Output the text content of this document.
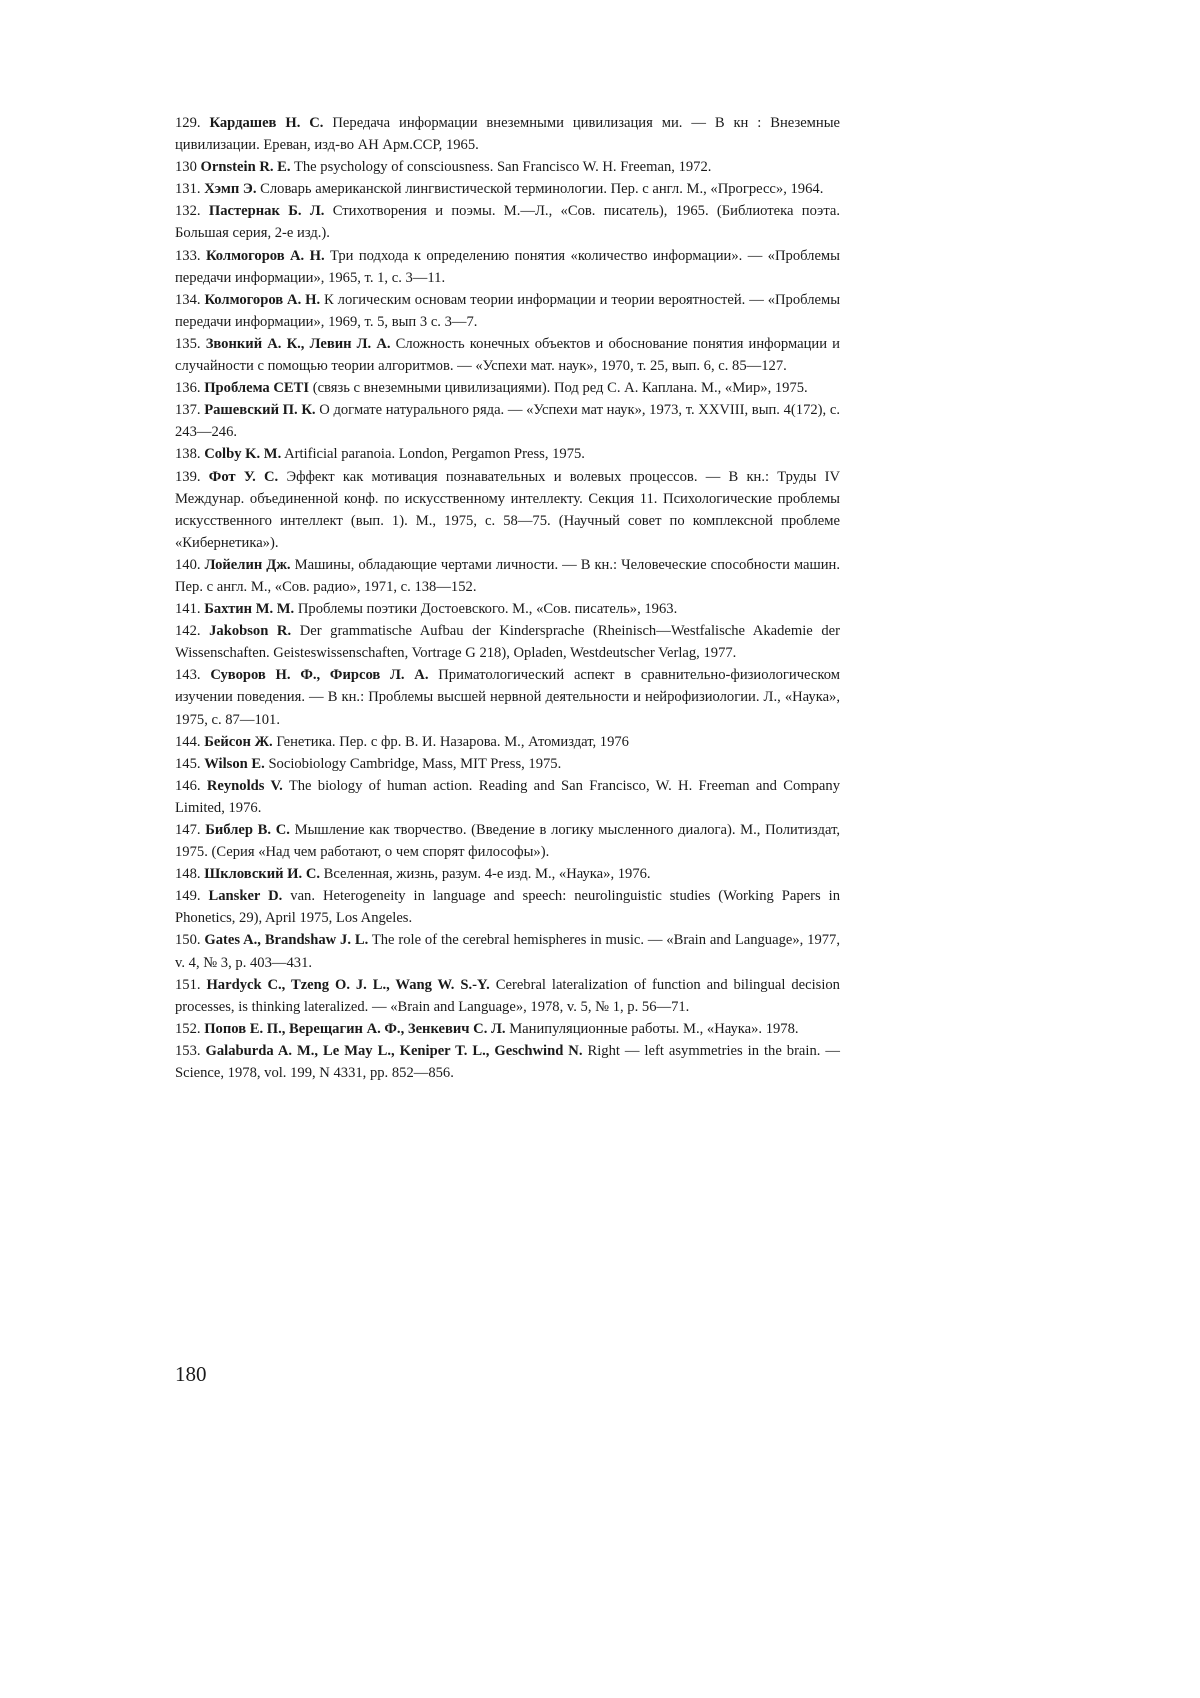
129. Кардашев Н. С. Передача информации внеземными цивилизация ми. — В кн : Внеземные цивилизации. Ереван, изд-во АН Арм.ССР, 1965.

130 Ornstein R. E. The psychology of consciousness. San Francisco W. H. Freeman, 1972.

131. Хэмп Э. Словарь американской лингвистической терминологии. Пер. с англ. М., «Прогресс», 1964.

132. Пастернак Б. Л. Стихотворения и поэмы. М.—Л., «Сов. писатель), 1965. (Библиотека поэта. Большая серия, 2-е изд.).

133. Колмогоров А. Н. Три подхода к определению понятия «количество информации». — «Проблемы передачи информации», 1965, т. 1, с. 3—11.

134. Колмогоров А. Н. К логическим основам теории информации и теории вероятностей. — «Проблемы передачи информации», 1969, т. 5, вып 3 с. 3—7.

135. Звонкий А. К., Левин Л. А. Сложность конечных объектов и обоснование понятия информации и случайности с помощью теории алгоритмов. — «Успехи мат. наук», 1970, т. 25, вып. 6, с. 85—127.

136. Проблема CETI (связь с внеземными цивилизациями). Под ред С. А. Каплана. М., «Мир», 1975.

137. Рашевский П. К. О догмате натурального ряда. — «Успехи мат наук», 1973, т. XXVIII, вып. 4(172), с. 243—246.

138. Colby K. M. Artificial paranoia. London, Pergamon Press, 1975.

139. Фот У. С. Эффект как мотивация познавательных и волевых процессов. — В кн.: Труды IV Междунар. объединенной конф. по искусственному интеллекту. Секция 11. Психологические проблемы искусственного интеллект (вып. 1). М., 1975, с. 58—75. (Научный совет по комплексной проблеме «Кибернетика»).

140. Лойелин Дж. Машины, обладающие чертами личности. — В кн.: Человеческие способности машин. Пер. с англ. М., «Сов. радио», 1971, с. 138—152.

141. Бахтин М. М. Проблемы поэтики Достоевского. М., «Сов. писатель», 1963.

142. Jakobson R. Der grammatische Aufbau der Kindersprache (Rheinisch—Westfalische Akademie der Wissenschaften. Geisteswissenschaften, Vortrage G 218), Opladen, Westdeutscher Verlag, 1977.

143. Суворов Н. Ф., Фирсов Л. А. Приматологический аспект в сравнительно-физиологическом изучении поведения. — В кн.: Проблемы высшей нервной деятельности и нейрофизиологии. Л., «Наука», 1975, с. 87—101.

144. Бейсон Ж. Генетика. Пер. с фр. В. И. Назарова. М., Атомиздат, 1976

145. Wilson E. Sociobiology Cambridge, Mass, MIT Press, 1975.

146. Reynolds V. The biology of human action. Reading and San Francisco, W. H. Freeman and Company Limited, 1976.

147. Библер В. С. Мышление как творчество. (Введение в логику мысленного диалога). М., Политиздат, 1975. (Серия «Над чем работают, о чем спорят философы»).

148. Шкловский И. С. Вселенная, жизнь, разум. 4-е изд. М., «Наука», 1976.

149. Lansker D. van. Heterogeneity in language and speech: neurolinguistic studies (Working Papers in Phonetics, 29), April 1975, Los Angeles.

150. Gates A., Brandshaw J. L. The role of the cerebral hemispheres in music. — «Brain and Language», 1977, v. 4, № 3, p. 403—431.

151. Hardyck C., Tzeng O. J. L., Wang W. S.-Y. Cerebral lateralization of function and bilingual decision processes, is thinking lateralized. — «Brain and Language», 1978, v. 5, № 1, p. 56—71.

152. Попов Е. П., Верещагин А. Ф., Зенкевич С. Л. Манипуляционные работы. М., «Наука». 1978.

153. Galaburda A. M., Le May L., Keniper T. L., Geschwind N. Right — left asymmetries in the brain. — Science, 1978, vol. 199, N 4331, pp. 852—856.

180
